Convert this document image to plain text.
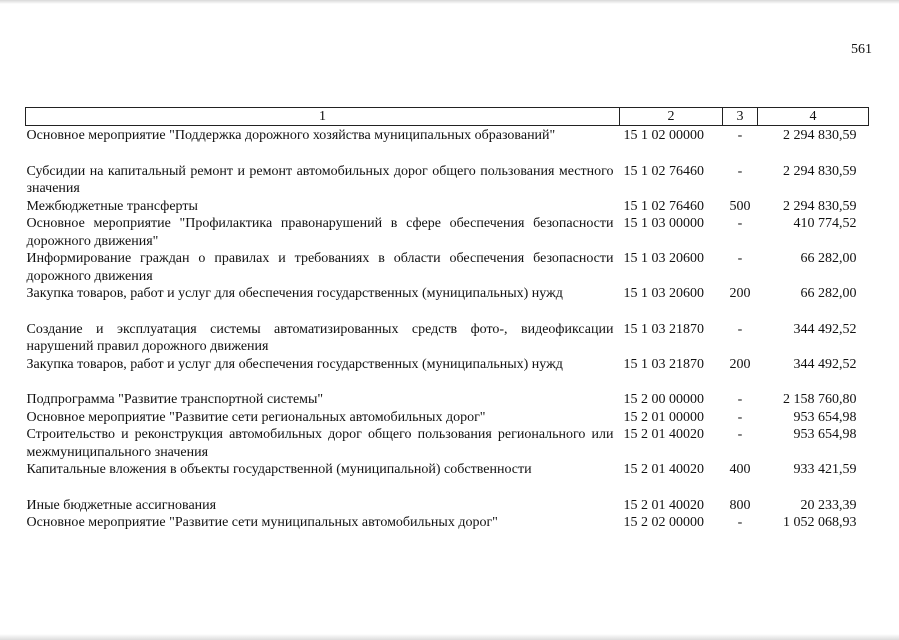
561
1	2	3	4
Основное мероприятие "Поддержка дорожного хозяйства муниципальных образований"	15 1 02 00000	-	2 294 830,59
Субсидии на капитальный ремонт и ремонт автомобильных дорог общего пользования местного значения	15 1 02 76460	-	2 294 830,59
Межбюджетные трансферты	15 1 02 76460	500	2 294 830,59
Основное мероприятие "Профилактика правонарушений в сфере обеспечения безопасности дорожного движения"	15 1 03 00000	-	410 774,52
Информирование граждан о правилах и требованиях в области обеспечения безопасности дорожного движения	15 1 03 20600	-	66 282,00
Закупка товаров, работ и услуг для обеспечения государственных (муниципальных) нужд	15 1 03 20600	200	66 282,00
Создание и эксплуатация системы автоматизированных средств фото-, видеофиксации нарушений правил дорожного движения	15 1 03 21870	-	344 492,52
Закупка товаров, работ и услуг для обеспечения государственных (муниципальных) нужд	15 1 03 21870	200	344 492,52
Подпрограмма "Развитие транспортной системы"	15 2 00 00000	-	2 158 760,80
Основное мероприятие "Развитие сети региональных автомобильных дорог"	15 2 01 00000	-	953 654,98
Строительство и реконструкция автомобильных дорог общего пользования регионального или межмуниципального значения	15 2 01 40020	-	953 654,98
Капитальные вложения в объекты государственной (муниципальной) собственности	15 2 01 40020	400	933 421,59
Иные бюджетные ассигнования	15 2 01 40020	800	20 233,39
Основное мероприятие "Развитие сети муниципальных автомобильных дорог"	15 2 02 00000	-	1 052 068,93
